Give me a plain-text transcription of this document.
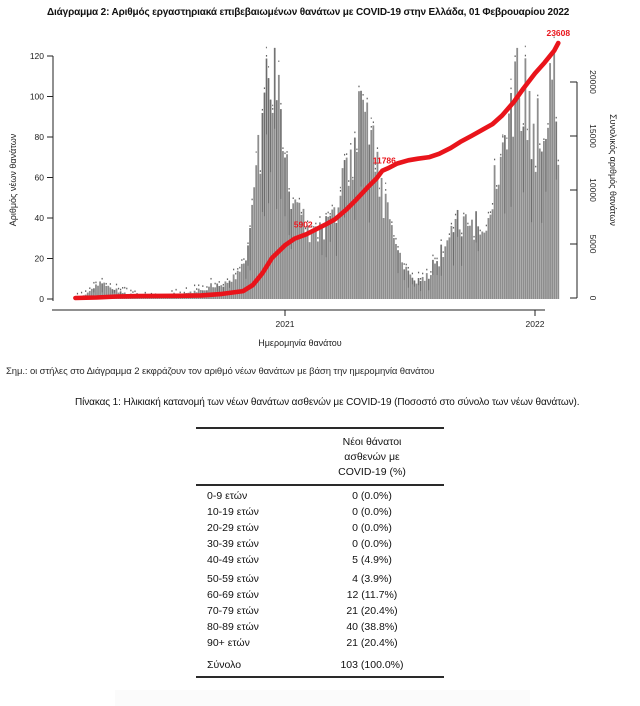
Διάγραμμα 2: Αριθμός εργαστηριακά επιβεβαιωμένων θανάτων με COVID-19 στην Ελλάδα, 01 Φεβρουαρίου 2022
0
20
40
60
80
100
120
Αριθμός νέων θανάτων
0
5000
10000
15000
20000
Συνολικός αριθμός θανάτων
2021	2022
Ημερομηνία θανάτου
5902
11786
23608
Σημ.: οι στήλες στο Διάγραμμα 2 εκφράζουν τον αριθμό νέων θανάτων με βάση την ημερομηνία θανάτου
Πίνακας 1: Ηλικιακή κατανομή των νέων θανάτων ασθενών με COVID-19 (Ποσοστό στο σύνολο των νέων θανάτων).
Νέοι θάνατοι
ασθενών με
COVID-19 (%)
0-9 ετών	0 (0.0%)
10-19 ετών	0 (0.0%)
20-29 ετών	0 (0.0%)
30-39 ετών	0 (0.0%)
40-49 ετών	5 (4.9%)
50-59 ετών	4 (3.9%)
60-69 ετών	12 (11.7%)
70-79 ετών	21 (20.4%)
80-89 ετών	40 (38.8%)
90+ ετών	21 (20.4%)
Σύνολο	103 (100.0%)
